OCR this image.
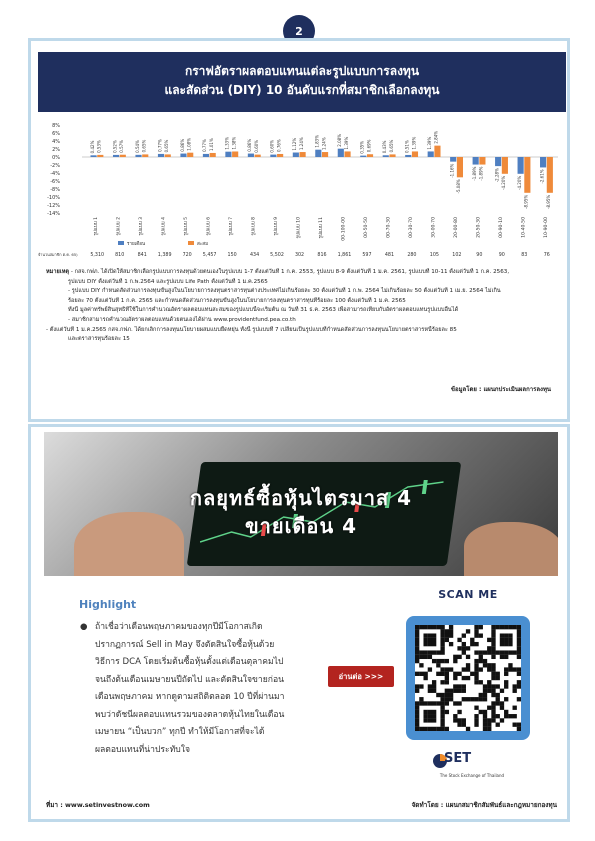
2
กราฟอัตราผลตอบแทนแต่ละรูปแบบการลงทุน
และสัดส่วน (DIY) 10 อันดับแรกที่สมาชิกเลือกลงทุน
8%
6%
4%
2%
0%
-2%
-4%
-6%
-8%
-10%
-12%
-14%
0.42% 0.53%
รูปแบบ 1
5,310
0.52% 0.57%
รูปแบบ 2
810
0.54% 0.65%
รูปแบบ 3
841
0.77% 0.65%
รูปแบบ 4
1,389
0.86% 1.08%
รูปแบบ 5
720
0.77% 1.01%
รูปแบบ 6
5,457
1.33% 1.38%
รูปแบบ 7
150
0.86% 0.60%
รูปแบบ 8
434
0.60% 0.76%
รูปแบบ 9
5,502
1.12% 1.24%
รูปแบบ 10
302
1.83% 1.24%
รูปแบบ 11
816
2.08% 1.39%
00-100-00
1,861
0.35% 0.69%
00-50-50
597
0.43% 0.65%
00-70-30
481
0.51% 1.39%
00-30-70
280
1.39% 2.84%
30-00-70
105
-1.16%
-5.08%
20-00-80
102
-1.89% -1.89%
20-50-30
90
-2.28%
-4.20%
00-90-10
90
-4.20%
-8.95%
10-40-50
83
-2.61%
-8.95%
10-90-00
76
จำนวนสมาชิก ต.ค. 65)
รายเดือน	สะสม
หมายเหตุ - กสจ.กฟภ. ได้เปิดให้สมาชิกเลือกรูปแบบการลงทุนด้วยตนเองในรูปแบบ 1-7 ตั้งแต่วันที่ 1 ก.ค. 2553, รูปแบบ 8-9 ตั้งแต่วันที่ 1 ม.ค. 2561, รูปแบบที่ 10-11 ตั้งแต่วันที่ 1 ก.ค. 2563,
รูปแบบ DIY ตั้งแต่วันที่ 1 ก.พ.2564 และรูปแบบ Life Path ตั้งแต่วันที่ 1 ม.ค.2565
- รูปแบบ DIY กำหนดสัดส่วนการลงทุนขั้นสูงในนโยบายการลงทุนตราสารทุนต่างประเทศไม่เกินร้อยละ 30 ตั้งแต่วันที่ 1 ก.พ. 2564 ไม่เกินร้อยละ 50 ตั้งแต่วันที่ 1 เม.ย. 2564 ไม่เกิน
ร้อยละ 70 ตั้งแต่วันที่ 1 ก.ค. 2565 และกำหนดสัดส่วนการลงทุนขั้นสูงในนโยบายการลงทุนตราสารทุนที่ร้อยละ 100 ตั้งแต่วันที่ 1 ม.ค. 2565
ทั้งนี้ มูลค่าทรัพย์สินสุทธิที่ใช้ในการคำนวณอัตราผลตอบแทนสะสมของรูปแบบนี้จะเริ่มต้น ณ วันที่ 31 ธ.ค. 2563 เพื่อสามารถเทียบกับอัตราผลตอบแทนรูปแบบอื่นได้
- สมาชิกสามารถคำนวณอัตราผลตอบแทนด้วยตนเองได้ผ่าน www.providentfund.pea.co.th
- ตั้งแต่วันที่ 1 ม.ค.2565 กสจ.กฟภ. ได้ยกเลิกการลงทุนนโยบายผสมแบบยืดหยุ่น ทั้งนี้ รูปแบบที่ 7 เปลี่ยนเป็นรูปแบบที่กำหนดสัดส่วนการลงทุนนโยบายตราสารหนี้ร้อยละ 85
และตราสารทุนร้อยละ 15
ข้อมูลโดย : แผนกประเมินผลการลงทุน
กลยุทธ์ซื้อหุ้นไตรมาส 4
ขายเดือน 4
Highlight
● ถ้าเชื่อว่าเดือนพฤษภาคมของทุกปีมีโอกาสเกิด
ปรากฏการณ์ Sell in May จึงตัดสินใจซื้อหุ้นด้วย
วิธีการ DCA โดยเริ่มต้นซื้อหุ้นตั้งแต่เดือนตุลาคมไป
จนถึงต้นเดือนเมษายนปีถัดไป และตัดสินใจขายก่อน
เดือนพฤษภาคม หากดูตามสถิติตลอด 10 ปีที่ผ่านมา
พบว่าดัชนีผลตอบแทนรวมของตลาดหุ้นไทยในเดือน
เมษายน “เป็นบวก” ทุกปี ทำให้มีโอกาสที่จะได้
ผลตอบแทนที่น่าประทับใจ
อ่านต่อ >>>
SCAN ME
SET
The Stock Exchange of Thailand
ที่มา : www.setinvestnow.com	จัดทำโดย : แผนกสมาชิกสัมพันธ์และกฎหมายกองทุน
